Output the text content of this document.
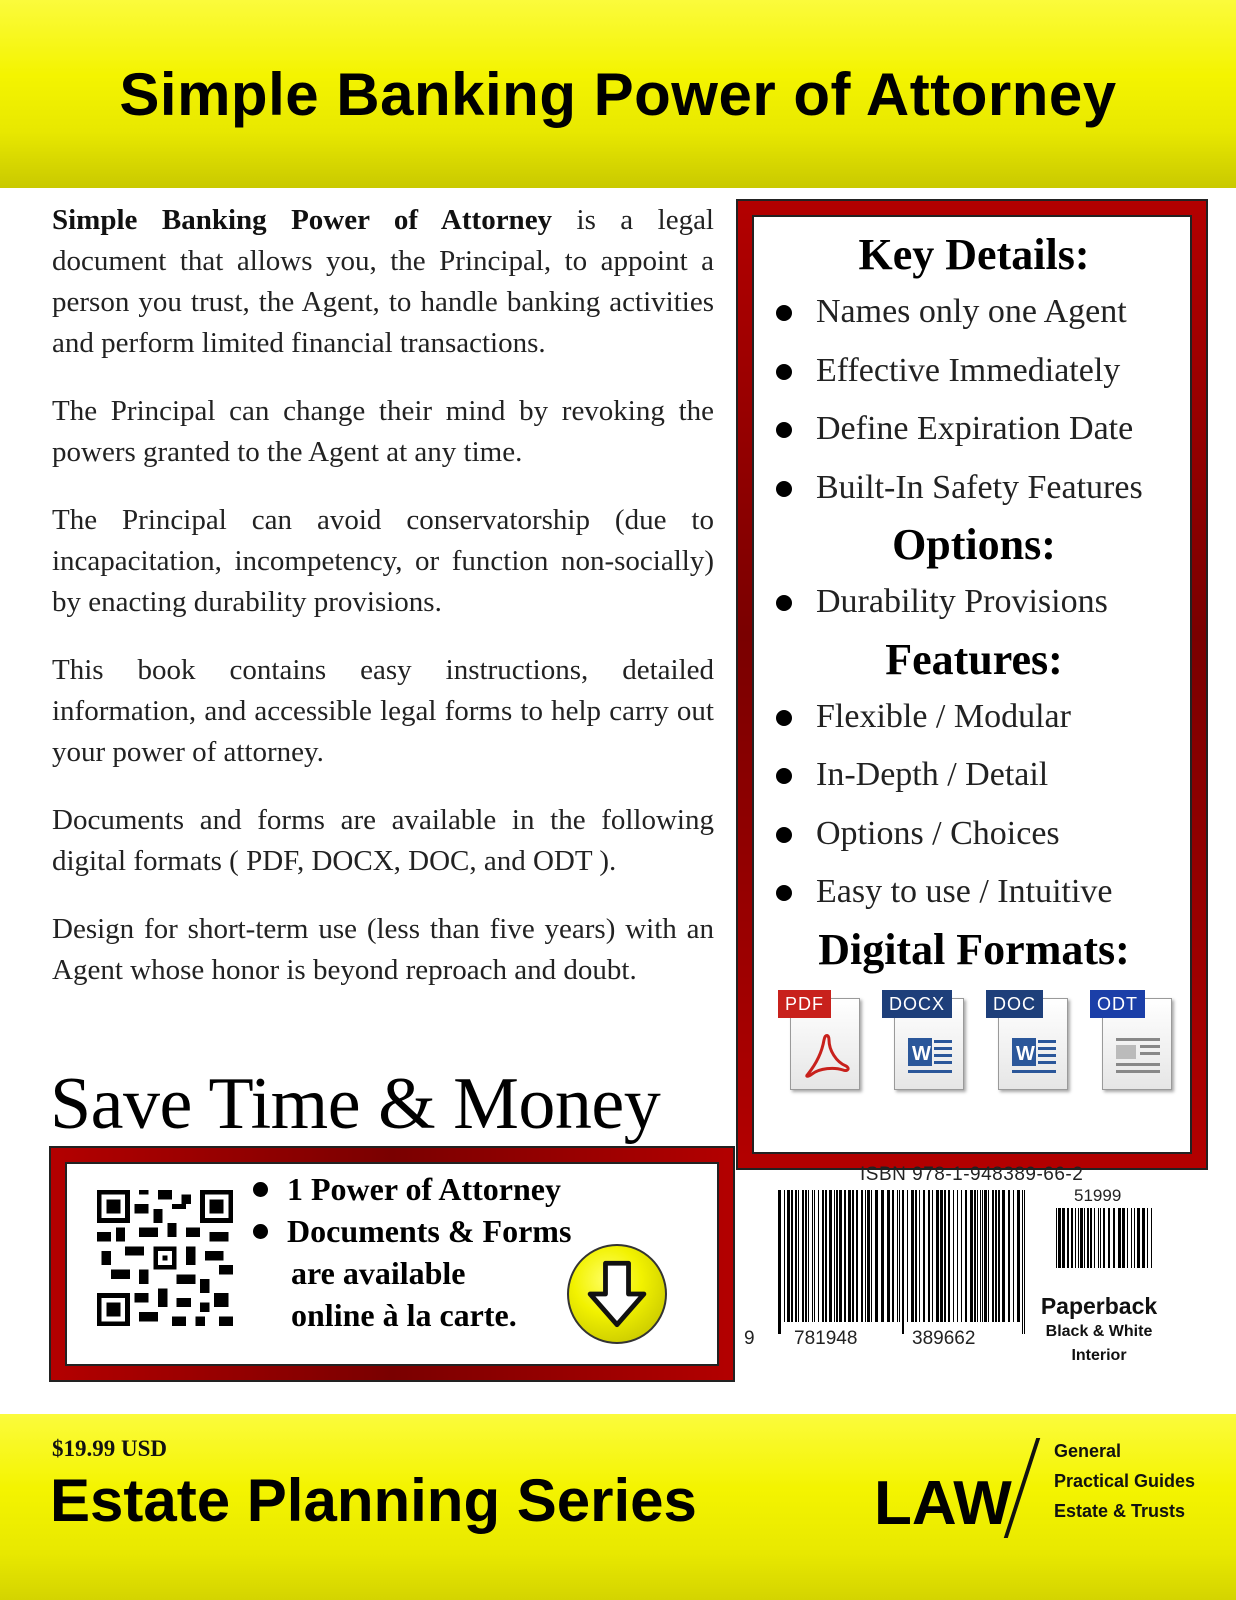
Simple Banking Power of Attorney

Simple Banking Power of Attorney is a legal document that allows you, the Principal, to appoint a person you trust, the Agent, to handle banking activities and perform limited financial transactions.

The Principal can change their mind by revoking the powers granted to the Agent at any time.

The Principal can avoid conservatorship (due to incapacitation, incompetency, or function non-socially) by enacting durability provisions.

This book contains easy instructions, detailed information, and accessible legal forms to help carry out your power of attorney.

Documents and forms are available in the following digital formats ( PDF, DOCX, DOC, and ODT ).

Design for short-term use (less than five years) with an Agent whose honor is beyond reproach and doubt.

Save Time & Money
Key Details:
Names only one Agent
Effective Immediately
Define Expiration Date
Built-In Safety Features
Options:
Durability Provisions
Features:
Flexible / Modular
In-Depth / Detail
Options / Choices
Easy to use / Intuitive
Digital Formats:
PDF	DOCX
W
DOC
W
ODT
1 Power of Attorney
Documents & Forms
are available
online à la carte.
ISBN 978-1-948389-66-2
51999
9 781948	389662
Paperback
Black & White
Interior
$19.99 USD
Estate Planning Series	LAW
General
Practical Guides
Estate & Trusts
